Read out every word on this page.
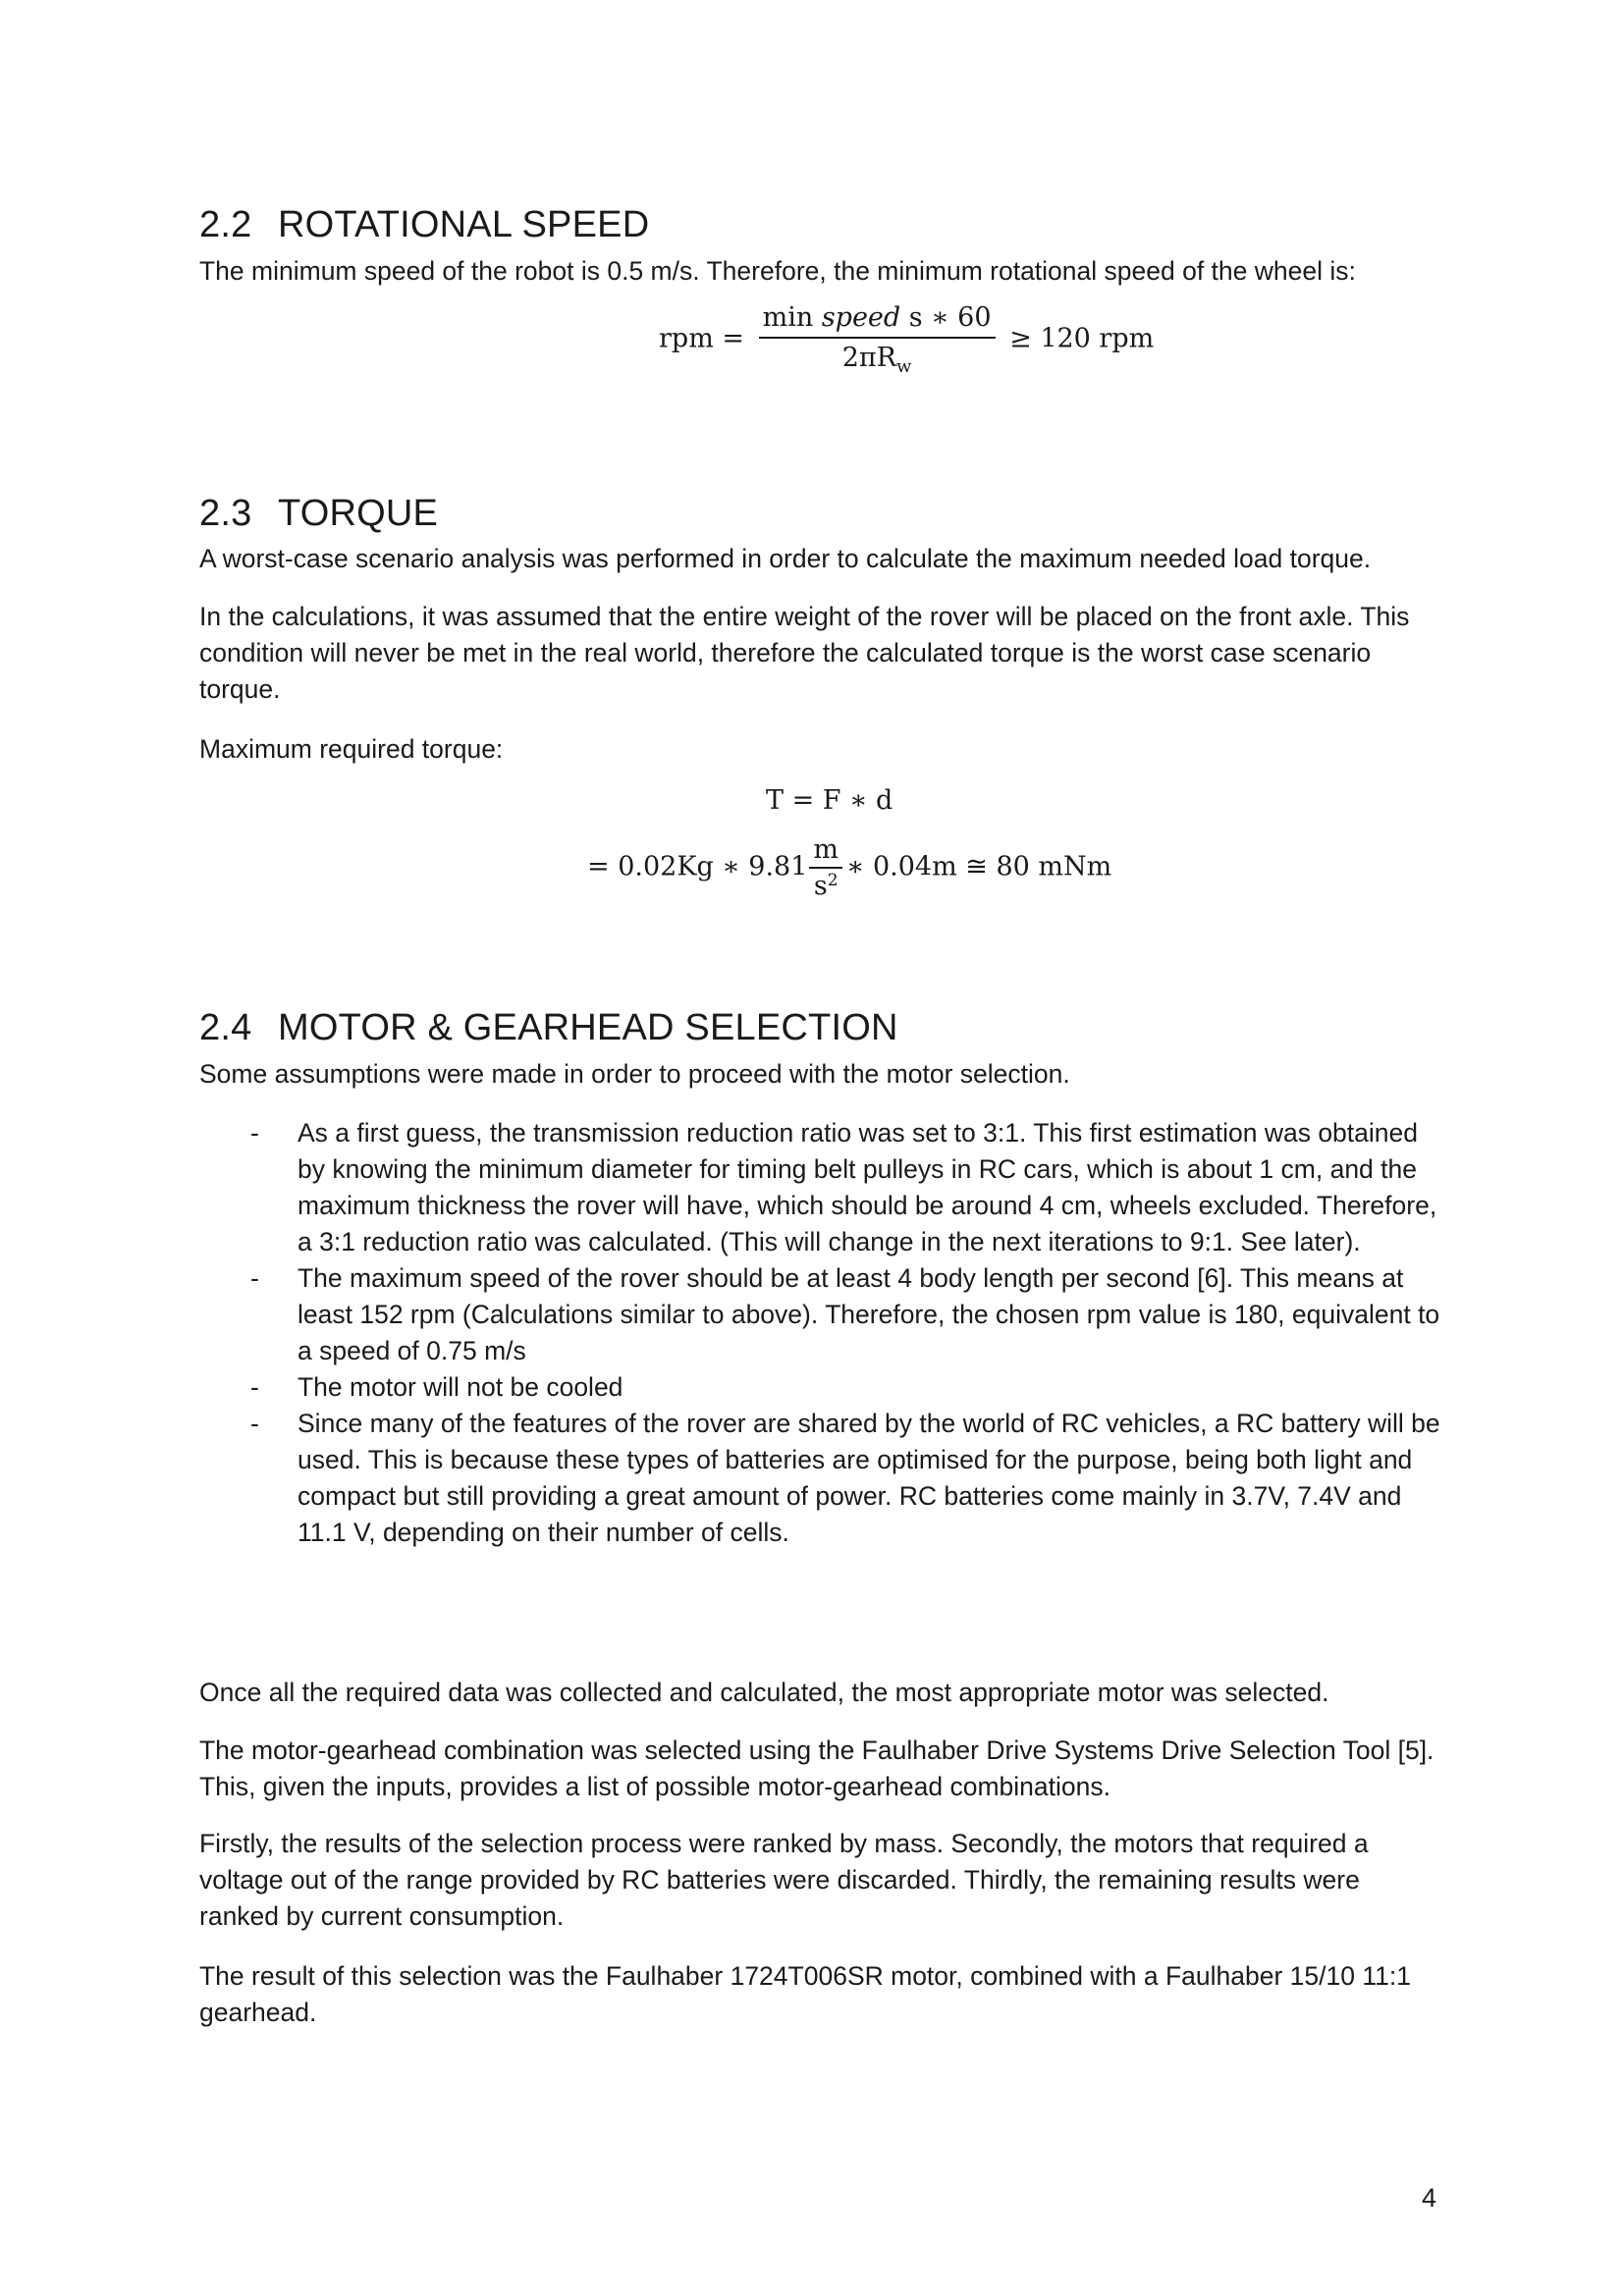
2.2 ROTATIONAL SPEED

The minimum speed of the robot is 0.5 m/s. Therefore, the minimum rotational speed of the wheel is:

rpm = $\frac{\text{min speed s ∗ 60}}{2\pi R_w} \ge 120$ rpm
2.3 TORQUE

A worst-case scenario analysis was performed in order to calculate the maximum needed load torque.

In the calculations, it was assumed that the entire weight of the rover will be placed on the front axle. This condition will never be met in the real world, therefore the calculated torque is the worst case scenario torque.

Maximum required torque:

T = F ∗ d
= 0.02Kg ∗ $9.81 \frac{m}{s^2}$ ∗ 0.04m ≅ 80 mNm
2.4 MOTOR & GEARHEAD SELECTION

Some assumptions were made in order to proceed with the motor selection.

- As a first guess, the transmission reduction ratio was set to 3:1. This first estimation was obtained by knowing the minimum diameter for timing belt pulleys in RC cars, which is about 1 cm, and the maximum thickness the rover will have, which should be around 4 cm, wheels excluded. Therefore, a 3:1 reduction ratio was calculated. (This will change in the next iterations to 9:1. See later).
- The maximum speed of the rover should be at least 4 body length per second [6]. This means at least 152 rpm (Calculations similar to above). Therefore, the chosen rpm value is 180, equivalent to a speed of 0.75 m/s
- The motor will not be cooled
- Since many of the features of the rover are shared by the world of RC vehicles, a RC battery will be used. This is because these types of batteries are optimised for the purpose, being both light and compact but still providing a great amount of power. RC batteries come mainly in 3.7V, 7.4V and 11.1 V, depending on their number of cells.

Once all the required data was collected and calculated, the most appropriate motor was selected.

The motor-gearhead combination was selected using the Faulhaber Drive Systems Drive Selection Tool [5]. This, given the inputs, provides a list of possible motor-gearhead combinations.

Firstly, the results of the selection process were ranked by mass. Secondly, the motors that required a voltage out of the range provided by RC batteries were discarded. Thirdly, the remaining results were ranked by current consumption.

The result of this selection was the Faulhaber 1724T006SR motor, combined with a Faulhaber 15/10 11:1 gearhead.

4
